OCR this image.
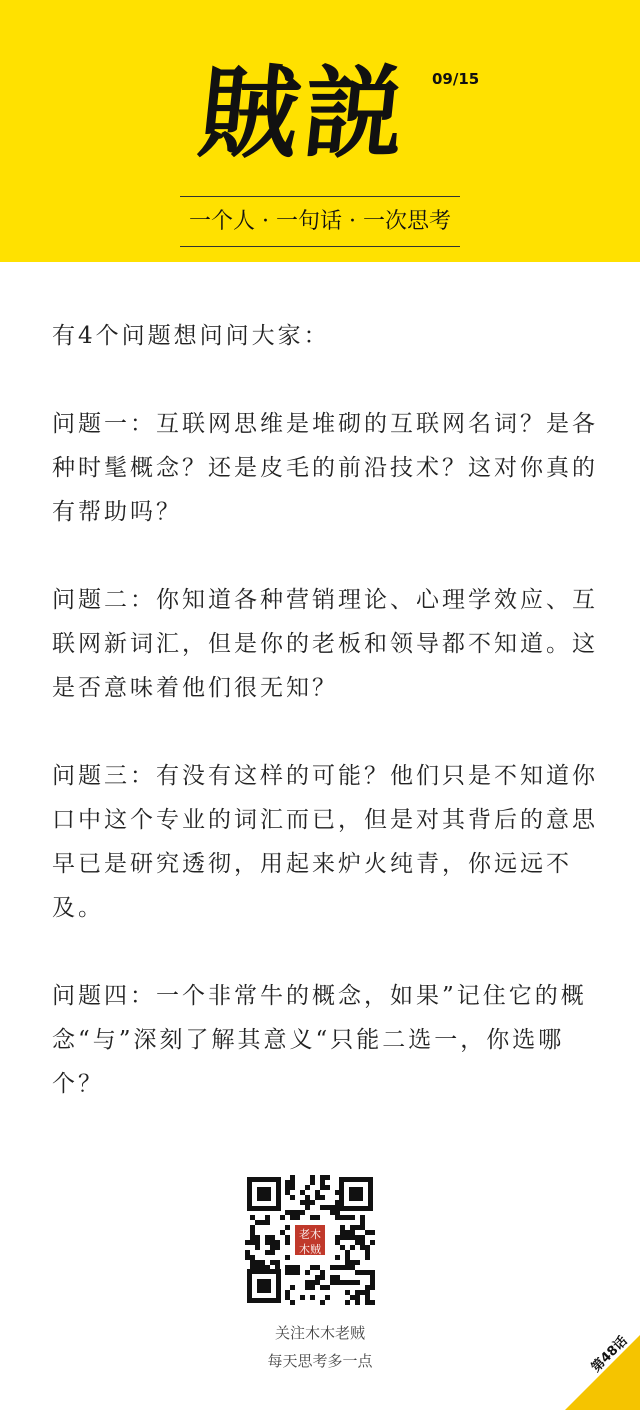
賊説	09/15
一个人 · 一句话 · 一次思考

有4个问题想问问大家：

问题一：互联网思维是堆砌的互联网名词？是各种时髦概念？还是皮毛的前沿技术？这对你真的有帮助吗？

问题二：你知道各种营销理论、心理学效应、互联网新词汇，但是你的老板和领导都不知道。这是否意味着他们很无知？

问题三：有没有这样的可能？他们只是不知道你口中这个专业的词汇而已，但是对其背后的意思早已是研究透彻，用起来炉火纯青，你远远不及。

问题四：一个非常牛的概念，如果”记住它的概念“与”深刻了解其意义“只能二选一，你选哪个？

老木木贼
关注木木老贼
每天思考多一点	第48话
